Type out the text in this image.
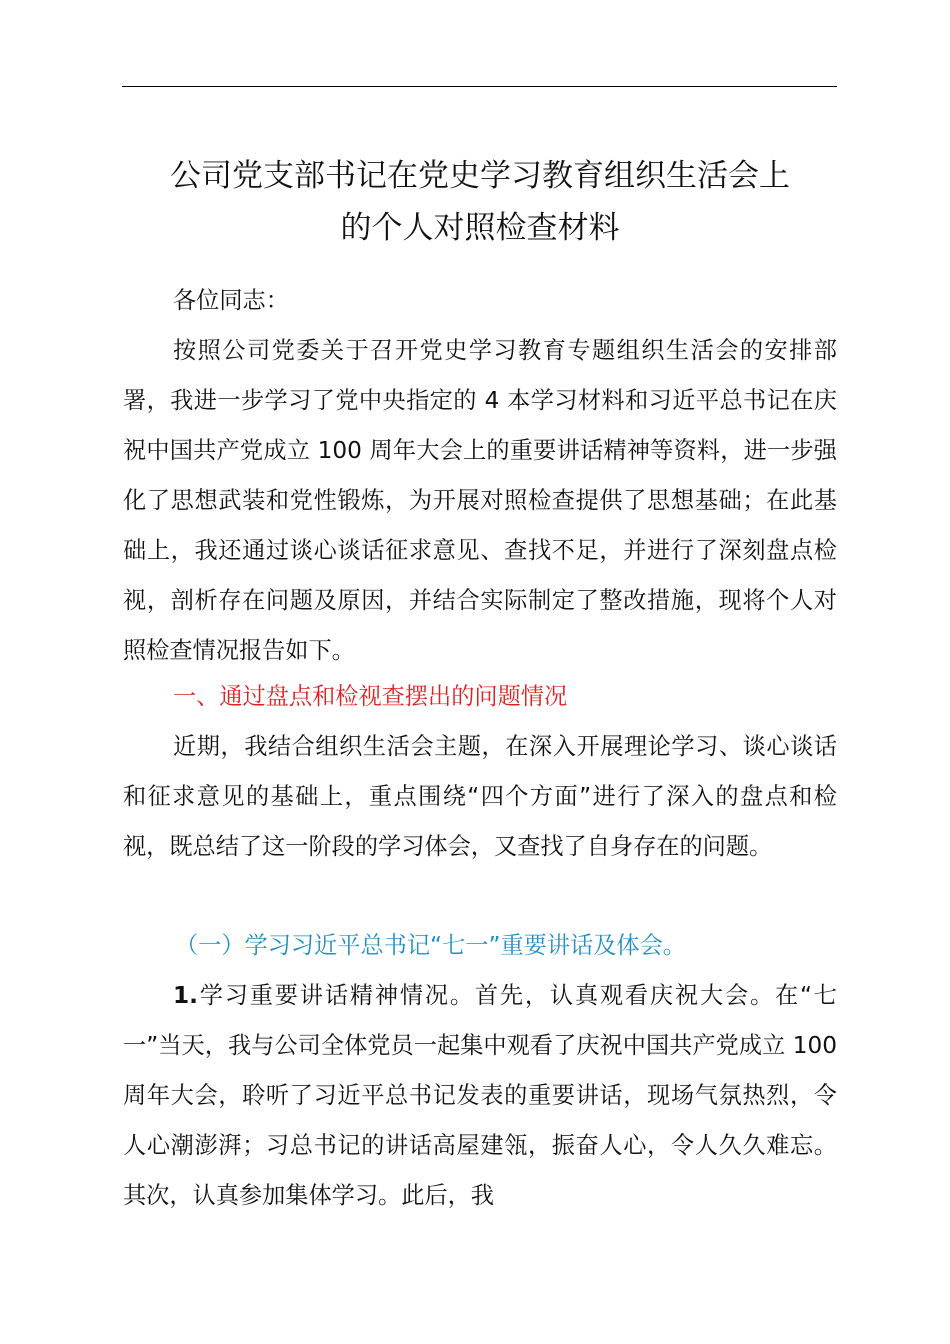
公司党支部书记在党史学习教育组织生活会上
的个人对照检查材料

各位同志：

按照公司党委关于召开党史学习教育专题组织生活会的安排部署，我进一步学习了党中央指定的 4 本学习材料和习近平总书记在庆祝中国共产党成立 100 周年大会上的重要讲话精神等资料，进一步强化了思想武装和党性锻炼，为开展对照检查提供了思想基础；在此基础上，我还通过谈心谈话征求意见、查找不足，并进行了深刻盘点检视，剖析存在问题及原因，并结合实际制定了整改措施，现将个人对照检查情况报告如下。

一、通过盘点和检视查摆出的问题情况

近期，我结合组织生活会主题，在深入开展理论学习、谈心谈话和征求意见的基础上，重点围绕“四个方面”进行了深入的盘点和检视，既总结了这一阶段的学习体会，又查找了自身存在的问题。

（一）学习习近平总书记“七一”重要讲话及体会。

1.学习重要讲话精神情况。首先，认真观看庆祝大会。在“七一”当天，我与公司全体党员一起集中观看了庆祝中国共产党成立 100 周年大会，聆听了习近平总书记发表的重要讲话，现场气氛热烈，令人心潮澎湃；习总书记的讲话高屋建瓴，振奋人心，令人久久难忘。其次，认真参加集体学习。此后，我
